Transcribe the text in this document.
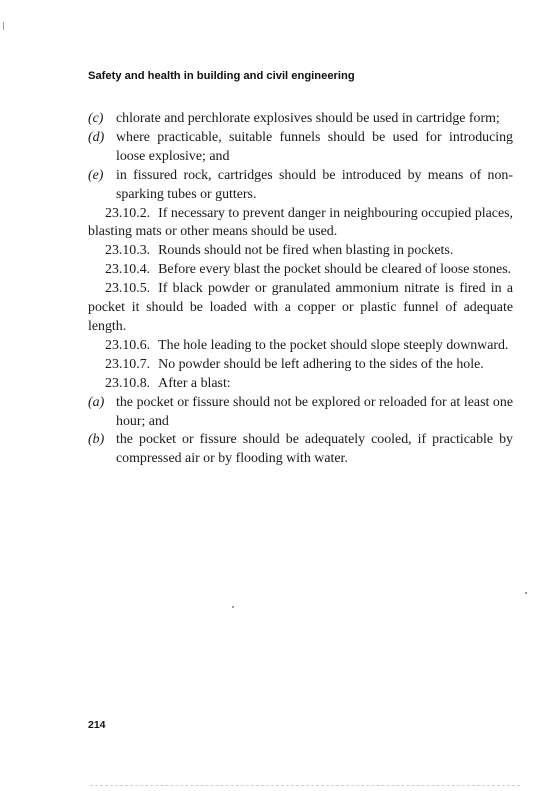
Safety and health in building and civil engineering
(c) chlorate and perchlorate explosives should be used in cartridge form;
(d) where practicable, suitable funnels should be used for introducing loose explosive; and
(e) in fissured rock, cartridges should be introduced by means of non-sparking tubes or gutters.

23.10.2. If necessary to prevent danger in neighbouring occupied places, blasting mats or other means should be used.

23.10.3. Rounds should not be fired when blasting in pockets.

23.10.4. Before every blast the pocket should be cleared of loose stones.

23.10.5. If black powder or granulated ammonium nitrate is fired in a pocket it should be loaded with a copper or plastic funnel of adequate length.

23.10.6. The hole leading to the pocket should slope steeply downward.

23.10.7. No powder should be left adhering to the sides of the hole.

23.10.8. After a blast:

(a) the pocket or fissure should not be explored or reloaded for at least one hour; and
(b) the pocket or fissure should be adequately cooled, if practicable by compressed air or by flooding with water.
214
